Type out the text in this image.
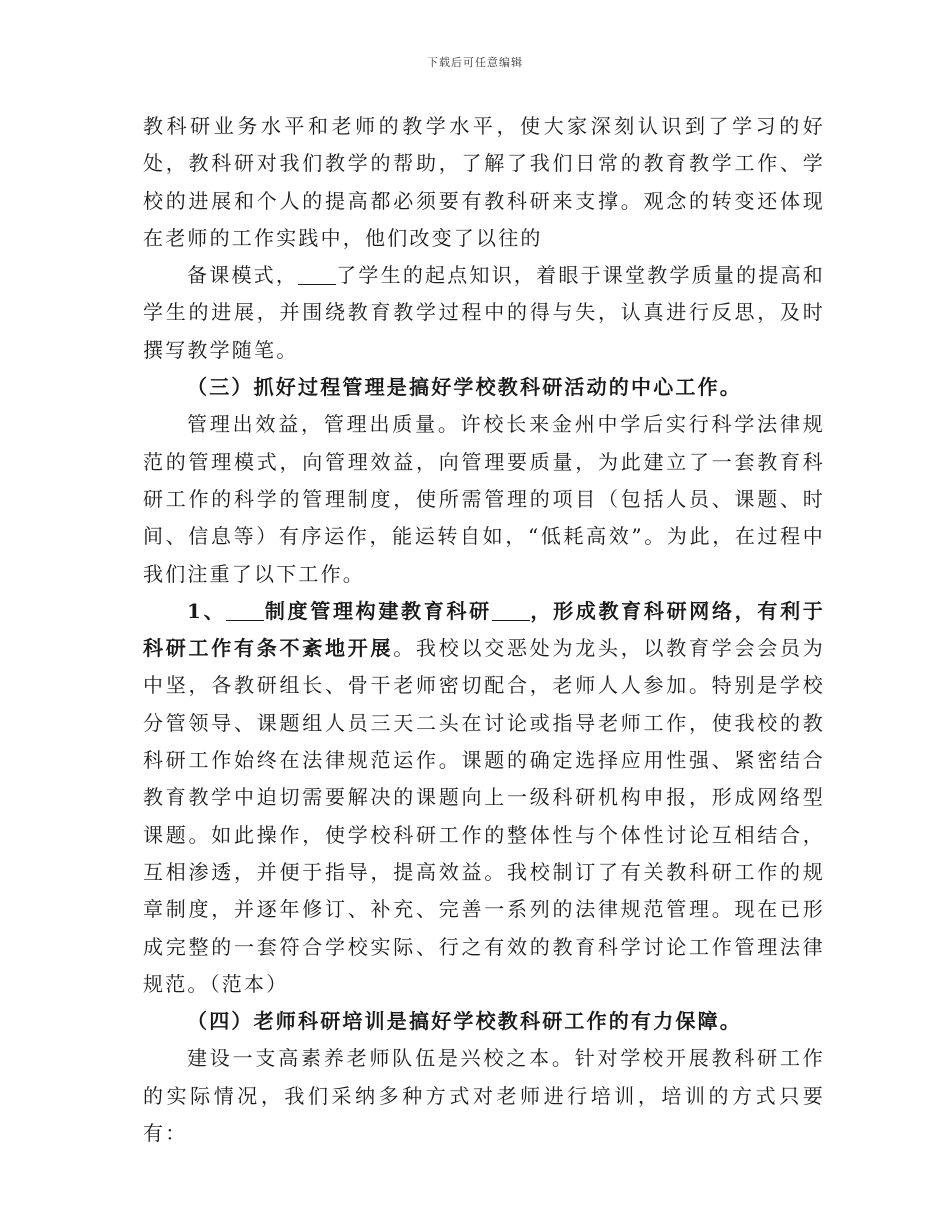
下载后可任意编辑

教科研业务水平和老师的教学水平，使大家深刻认识到了学习的好处，教科研对我们教学的帮助，了解了我们日常的教育教学工作、学校的进展和个人的提高都必须要有教科研来支撑。观念的转变还体现在老师的工作实践中，他们改变了以往的

备课模式， 了学生的起点知识，着眼于课堂教学质量的提高和学生的进展，并围绕教育教学过程中的得与失，认真进行反思，及时撰写教学随笔。

（三）抓好过程管理是搞好学校教科研活动的中心工作。

管理出效益，管理出质量。许校长来金州中学后实行科学法律规范的管理模式，向管理效益，向管理要质量，为此建立了一套教育科研工作的科学的管理制度，使所需管理的项目（包括人员、课题、时间、信息等）有序运作，能运转自如，“低耗高效”。为此，在过程中我们注重了以下工作。

1、 制度管理构建教育科研 ，形成教育科研网络，有利于科研工作有条不紊地开展。我校以交恶处为龙头，以教育学会会员为中坚，各教研组长、骨干老师密切配合，老师人人参加。特别是学校分管领导、课题组人员三天二头在讨论或指导老师工作，使我校的教科研工作始终在法律规范运作。课题的确定选择应用性强、紧密结合教育教学中迫切需要解决的课题向上一级科研机构申报，形成网络型课题。如此操作，使学校科研工作的整体性与个体性讨论互相结合，互相渗透，并便于指导，提高效益。我校制订了有关教科研工作的规章制度，并逐年修订、补充、完善一系列的法律规范管理。现在已形成完整的一套符合学校实际、行之有效的教育科学讨论工作管理法律规范。（范本）

（四）老师科研培训是搞好学校教科研工作的有力保障。

建设一支高素养老师队伍是兴校之本。针对学校开展教科研工作的实际情况，我们采纳多种方式对老师进行培训，培训的方式只要有：
